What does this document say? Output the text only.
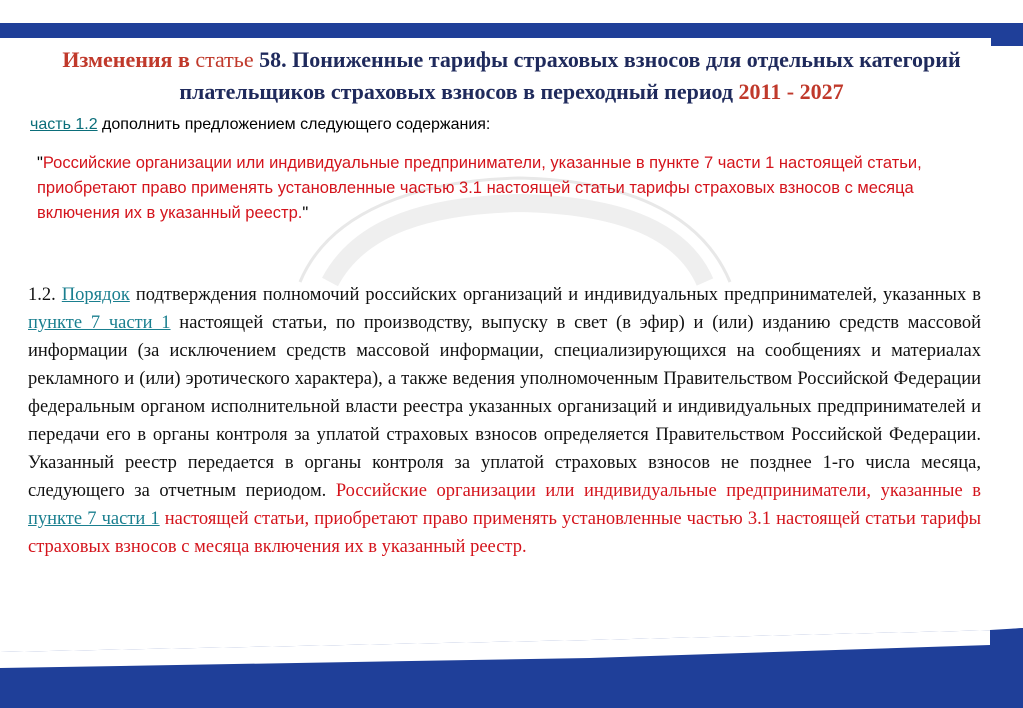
Изменения в статье 58. Пониженные тарифы страховых взносов для отдельных категорий плательщиков страховых взносов в переходный период 2011 - 2027
часть 1.2 дополнить предложением следующего содержания:
"Российские организации или индивидуальные предприниматели, указанные в пункте 7 части 1 настоящей статьи, приобретают право применять установленные частью 3.1 настоящей статьи тарифы страховых взносов с месяца включения их в указанный реестр."
1.2. Порядок подтверждения полномочий российских организаций и индивидуальных предпринимателей, указанных в пункте 7 части 1 настоящей статьи, по производству, выпуску в свет (в эфир) и (или) изданию средств массовой информации (за исключением средств массовой информации, специализирующихся на сообщениях и материалах рекламного и (или) эротического характера), а также ведения уполномоченным Правительством Российской Федерации федеральным органом исполнительной власти реестра указанных организаций и индивидуальных предпринимателей и передачи его в органы контроля за уплатой страховых взносов определяется Правительством Российской Федерации. Указанный реестр передается в органы контроля за уплатой страховых взносов не позднее 1-го числа месяца, следующего за отчетным периодом. Российские организации или индивидуальные предприниматели, указанные в пункте 7 части 1 настоящей статьи, приобретают право применять установленные частью 3.1 настоящей статьи тарифы страховых взносов с месяца включения их в указанный реестр.
